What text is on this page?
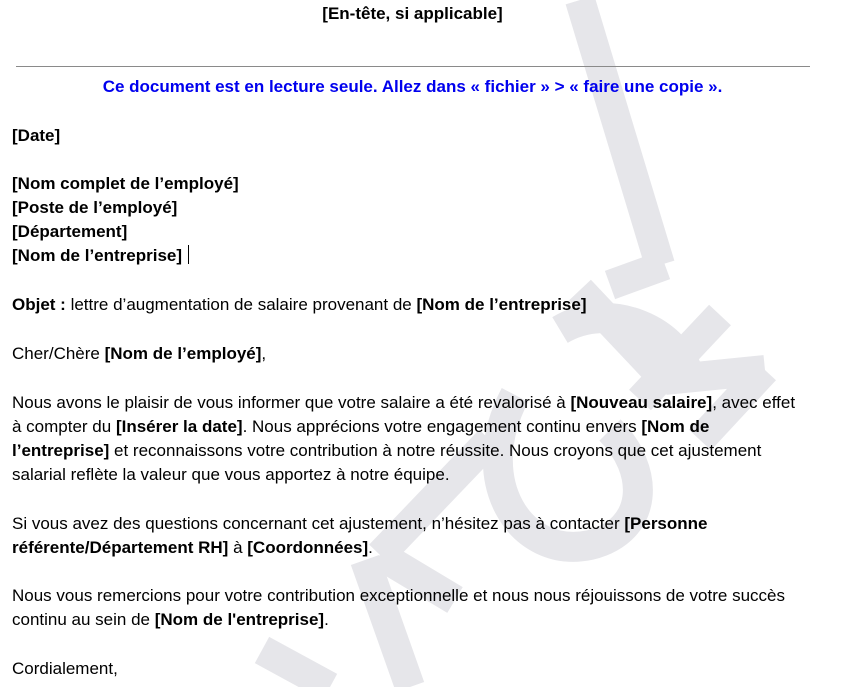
[En-tête, si applicable]
Ce document est en lecture seule. Allez dans « fichier » > « faire une copie ».
[Date]
[Nom complet de l’employé]
[Poste de l’employé]
[Département]
[Nom de l’entreprise]
Objet : lettre d’augmentation de salaire provenant de [Nom de l’entreprise]
Cher/Chère [Nom de l’employé],
Nous avons le plaisir de vous informer que votre salaire a été revalorisé à [Nouveau salaire], avec effet à compter du [Insérer la date]. Nous apprécions votre engagement continu envers [Nom de l’entreprise] et reconnaissons votre contribution à notre réussite. Nous croyons que cet ajustement salarial reflète la valeur que vous apportez à notre équipe.
Si vous avez des questions concernant cet ajustement, n’hésitez pas à contacter [Personne référente/Département RH] à [Coordonnées].
Nous vous remercions pour votre contribution exceptionnelle et nous nous réjouissons de votre succès continu au sein de [Nom de l'entreprise].
Cordialement,
